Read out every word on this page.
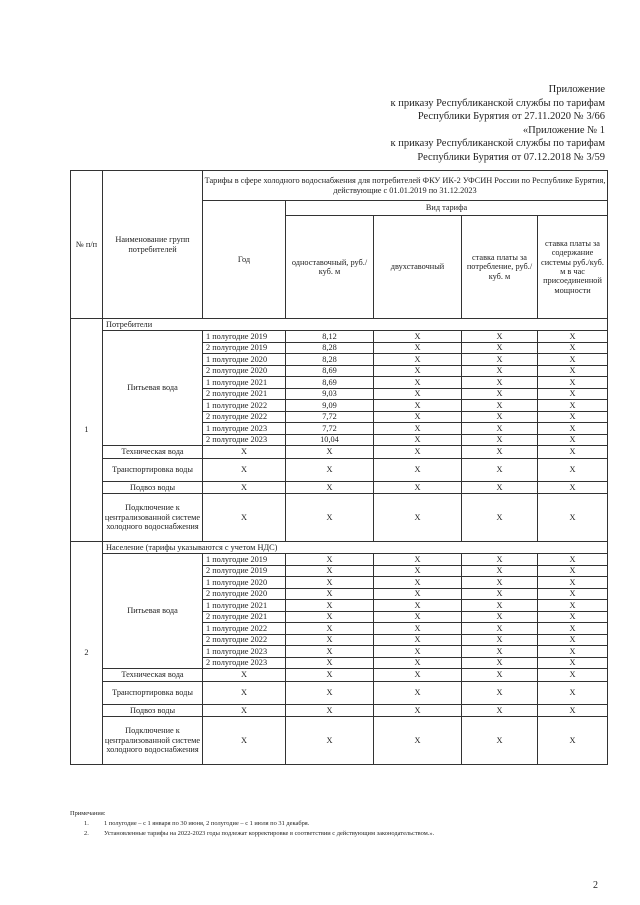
Приложение
к приказу Республиканской службы по тарифам
Республики Бурятия от 27.11.2020 № 3/66
«Приложение № 1
к приказу Республиканской службы по тарифам
Республики Бурятия от 07.12.2018 № 3/59
№ п/п	Наименование групп потребителей	Тарифы в сфере холодного водоснабжения для потребителей ФКУ ИК-2 УФСИН России по Республике Бурятия, действующие с 01.01.2019 по 31.12.2023				
		Год	Вид тарифа			
			одноставочный, руб./ куб. м	двухставочный	ставка платы за потребление, руб./ куб. м	ставка платы за содержание системы руб./куб. м в час присоединенной мощности
1	Потребители					
	Питьевая вода	1 полугодие 2019	8,12	X	X	X
		2 полугодие 2019	8,28	X	X	X
		1 полугодие 2020	8,28	X	X	X
		2 полугодие 2020	8,69	X	X	X
		1 полугодие 2021	8,69	X	X	X
		2 полугодие 2021	9,03	X	X	X
		1 полугодие 2022	9,09	X	X	X
		2 полугодие 2022	7,72	X	X	X
		1 полугодие 2023	7,72	X	X	X
		2 полугодие 2023	10,04	X	X	X
	Техническая вода	X	X	X	X	X
	Транспортировка воды	X	X	X	X	X
	Подвоз воды	X	X	X	X	X
	Подключение к централизованной системе холодного водоснабжения	X	X	X	X	X
2	Население (тарифы указываются с учетом НДС)					
	Питьевая вода	1 полугодие 2019	X	X	X	X
		2 полугодие 2019	X	X	X	X
		1 полугодие 2020	X	X	X	X
		2 полугодие 2020	X	X	X	X
		1 полугодие 2021	X	X	X	X
		2 полугодие 2021	X	X	X	X
		1 полугодие 2022	X	X	X	X
		2 полугодие 2022	X	X	X	X
		1 полугодие 2023	X	X	X	X
		2 полугодие 2023	X	X	X	X
	Техническая вода	X	X	X	X	X
	Транспортировка воды	X	X	X	X	X
	Подвоз воды	X	X	X	X	X
	Подключение к централизованной системе холодного водоснабжения	X	X	X	X	X
Примечания:
1. 1 полугодие – с 1 января по 30 июня, 2 полугодие – с 1 июля по 31 декабря.
2. Установленные тарифы на 2022-2023 годы подлежат корректировке в соответствии с действующим законодательством.».
2
